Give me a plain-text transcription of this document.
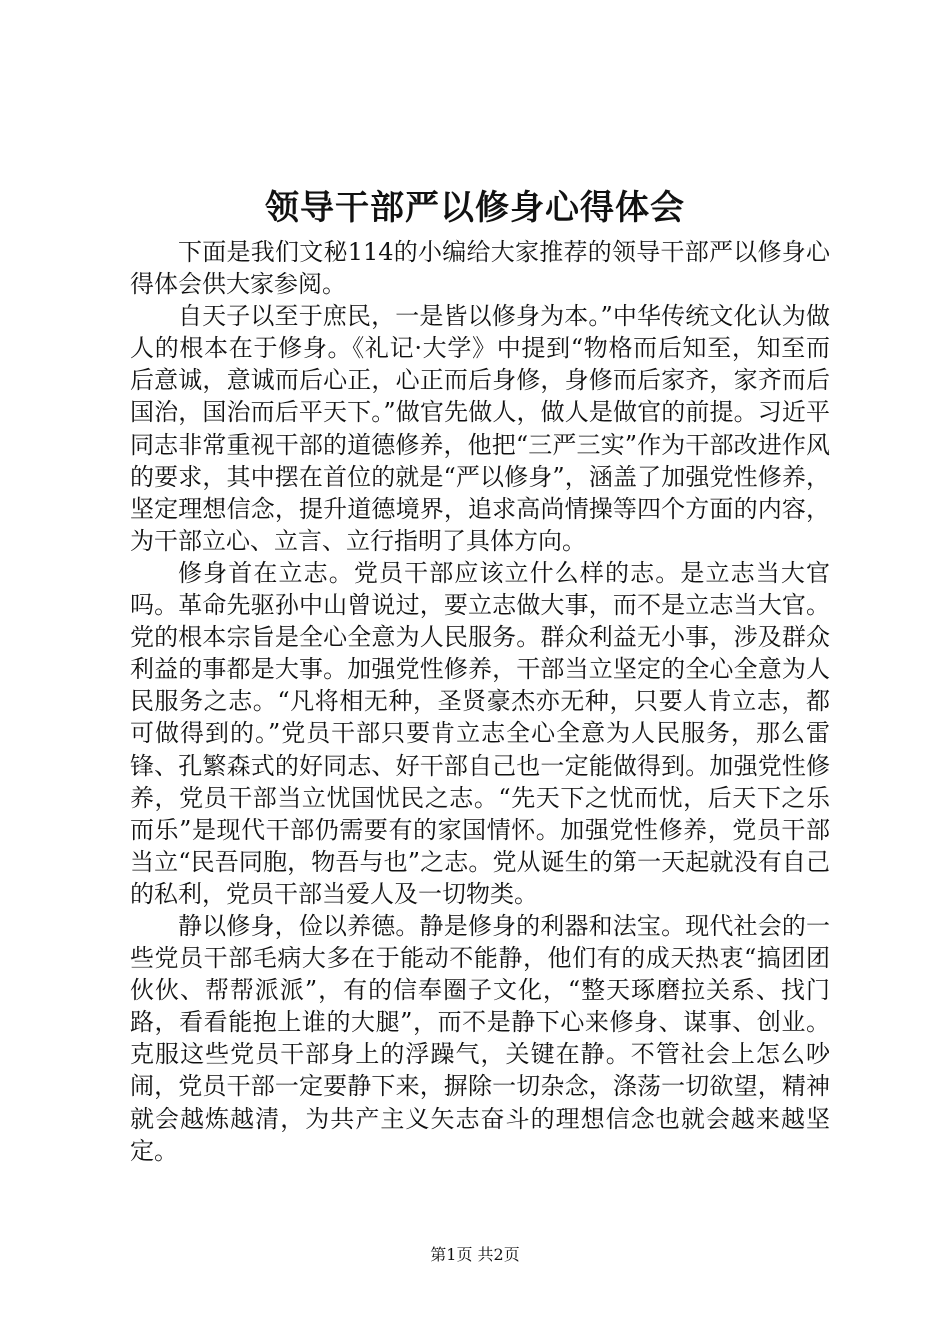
领导干部严以修身心得体会

下面是我们文秘114的小编给大家推荐的领导干部严以修身心得体会供大家参阅。

自天子以至于庶民，一是皆以修身为本。”中华传统文化认为做人的根本在于修身。《礼记·大学》中提到“物格而后知至，知至而后意诚，意诚而后心正，心正而后身修，身修而后家齐，家齐而后国治，国治而后平天下。”做官先做人，做人是做官的前提。习近平同志非常重视干部的道德修养，他把“三严三实”作为干部改进作风的要求，其中摆在首位的就是“严以修身”，涵盖了加强党性修养，坚定理想信念，提升道德境界，追求高尚情操等四个方面的内容，为干部立心、立言、立行指明了具体方向。

修身首在立志。党员干部应该立什么样的志。是立志当大官吗。革命先驱孙中山曾说过，要立志做大事，而不是立志当大官。党的根本宗旨是全心全意为人民服务。群众利益无小事，涉及群众利益的事都是大事。加强党性修养，干部当立坚定的全心全意为人民服务之志。“凡将相无种，圣贤豪杰亦无种，只要人肯立志，都可做得到的。”党员干部只要肯立志全心全意为人民服务，那么雷锋、孔繁森式的好同志、好干部自己也一定能做得到。加强党性修养，党员干部当立忧国忧民之志。“先天下之忧而忧，后天下之乐而乐”是现代干部仍需要有的家国情怀。加强党性修养，党员干部当立“民吾同胞，物吾与也”之志。党从诞生的第一天起就没有自己的私利，党员干部当爱人及一切物类。

静以修身，俭以养德。静是修身的利器和法宝。现代社会的一些党员干部毛病大多在于能动不能静，他们有的成天热衷“搞团团伙伙、帮帮派派”，有的信奉圈子文化，“整天琢磨拉关系、找门路，看看能抱上谁的大腿”，而不是静下心来修身、谋事、创业。克服这些党员干部身上的浮躁气，关键在静。不管社会上怎么吵闹，党员干部一定要静下来，摒除一切杂念，涤荡一切欲望，精神就会越炼越清，为共产主义矢志奋斗的理想信念也就会越来越坚定。

第1页 共2页
